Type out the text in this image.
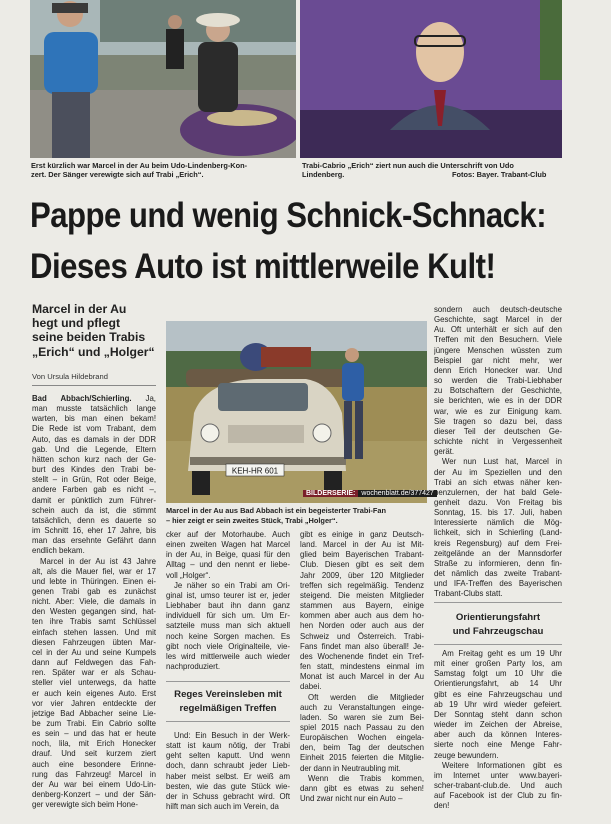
Erst kürzlich war Marcel in der Au beim Udo-Lindenberg-Kon-
zert. Der Sänger verewigte sich auf Trabi „Erich“.
Trabi-Cabrio „Erich“ ziert nun auch die Unterschrift von Udo
Lindenberg.	Fotos: Bayer. Trabant-Club
Pappe und wenig Schnick-Schnack:
Dieses Auto ist mittlerweile Kult!
Marcel in der Au
hegt und pflegt
seine beiden Trabis
„Erich“ und „Holger“
Von Ursula Hildebrand
KEH-HR 601
BILDERSERIE: wochenblatt.de/377427
Marcel in der Au aus Bad Abbach ist ein begeisterter Trabi-Fan
– hier zeigt er sein zweites Stück, Trabi „Holger“.

Bad Abbach/Schierling. Ja,

man musste tatsächlich lange

warten, bis man einen bekam!

Die Rede ist vom Trabant, dem

Auto, das es damals in der DDR

gab. Und die Legende, Eltern

hätten schon kurz nach der Ge-

burt des Kindes den Trabi be-

stellt – in Grün, Rot oder Beige,

andere Farben gab es nicht –,

damit er pünktlich zum Führer-

schein auch da ist, die stimmt

tatsächlich, denn es dauerte so

im Schnitt 16, eher 17 Jahre, bis

man das ersehnte Gefährt dann

endlich bekam.

Marcel in der Au ist 43 Jahre

alt, als die Mauer fiel, war er 17

und lebte in Thüringen. Einen ei-

genen Trabi gab es zunächst

nicht. Aber: Viele, die damals in

den Westen gegangen sind, hat-

ten ihre Trabis samt Schlüssel

einfach stehen lassen. Und mit

diesen Fahrzeugen übten Mar-

cel in der Au und seine Kumpels

dann auf Feldwegen das Fah-

ren. Später war er als Schau-

steller viel unterwegs, da hatte

er auch kein eigenes Auto. Erst

vor vier Jahren entdeckte der

jetzige Bad Abbacher seine Lie-

be zum Trabi. Ein Cabrio sollte

es sein – und das hat er heute

noch, lila, mit Erich Honecker

drauf. Und seit kurzem ziert

auch eine besondere Erinne-

rung das Fahrzeug! Marcel in

der Au war bei einem Udo-Lin-

denberg-Konzert – und der Sän-

ger verewigte sich beim Hone-

cker auf der Motorhaube. Auch

einen zweiten Wagen hat Marcel

in der Au, in Beige, quasi für den

Alltag – und den nennt er liebe-

voll „Holger“.

Je näher so ein Trabi am Ori-

ginal ist, umso teurer ist er, jeder

Liebhaber baut ihn dann ganz

individuell für sich um. Um Er-

satzteile muss man sich aktuell

noch keine Sorgen machen. Es

gibt noch viele Originalteile, vie-

les wird mittlerweile auch wieder

nachproduziert.

Reges Vereinsleben mit
regelmäßigen Treffen

Und: Ein Besuch in der Werk-

statt ist kaum nötig, der Trabi

geht selten kaputt. Und wenn

doch, dann schraubt jeder Lieb-

haber meist selbst. Er weiß am

besten, wie das gute Stück wie-

der in Schuss gebracht wird. Oft

hilft man sich auch im Verein, da

gibt es einige in ganz Deutsch-

land. Marcel in der Au ist Mit-

glied beim Bayerischen Trabant-

Club. Diesen gibt es seit dem

Jahr 2009, über 120 Mitglieder

treffen sich regelmäßig. Tendenz

steigend. Die meisten Mitglieder

stammen aus Bayern, einige

kommen aber auch aus dem ho-

hen Norden oder auch aus der

Schweiz und Österreich. Trabi-

Fans findet man also überall! Je-

des Wochenende findet ein Tref-

fen statt, mindestens einmal im

Monat ist auch Marcel in der Au

dabei.

Oft werden die Mitglieder

auch zu Veranstaltungen einge-

laden. So waren sie zum Bei-

spiel 2015 nach Passau zu den

Europäischen Wochen eingela-

den, beim Tag der deutschen

Einheit 2015 feierten die Mitglie-

der dann in Neutraubling mit.

Wenn die Trabis kommen,

dann gibt es etwas zu sehen!

Und zwar nicht nur ein Auto –

sondern auch deutsch-deutsche

Geschichte, sagt Marcel in der

Au. Oft unterhält er sich auf den

Treffen mit den Besuchern. Viele

jüngere Menschen wüssten zum

Beispiel gar nicht mehr, wer

denn Erich Honecker war. Und

so werden die Trabi-Liebhaber

zu Botschaftern der Geschichte,

sie berichten, wie es in der DDR

war, wie es zur Einigung kam.

Sie tragen so dazu bei, dass

dieser Teil der deutschen Ge-

schichte nicht in Vergessenheit

gerät.

Wer nun Lust hat, Marcel in

der Au im Speziellen und den

Trabi an sich etwas näher ken-

nenzulernen, der hat bald Gele-

genheit dazu. Von Freitag bis

Sonntag, 15. bis 17. Juli, haben

Interessierte nämlich die Mög-

lichkeit, sich in Schierling (Land-

kreis Regensburg) auf dem Frei-

zeitgelände an der Mannsdorfer

Straße zu informieren, denn fin-

det nämlich das zweite Trabant-

und IFA-Treffen des Bayerischen

Trabant-Clubs statt.

Orientierungsfahrt
und Fahrzeugschau

Am Freitag geht es um 19 Uhr

mit einer großen Party los, am

Samstag folgt um 10 Uhr die

Orientierungsfahrt, ab 14 Uhr

gibt es eine Fahrzeugschau und

ab 19 Uhr wird wieder gefeiert.

Der Sonntag steht dann schon

wieder im Zeichen der Abreise,

aber auch da können Interes-

sierte noch eine Menge Fahr-

zeuge bewundern.

Weitere Informationen gibt es

im Internet unter www.bayeri-

scher-trabant-club.de. Und auch

auf Facebook ist der Club zu fin-

den!
